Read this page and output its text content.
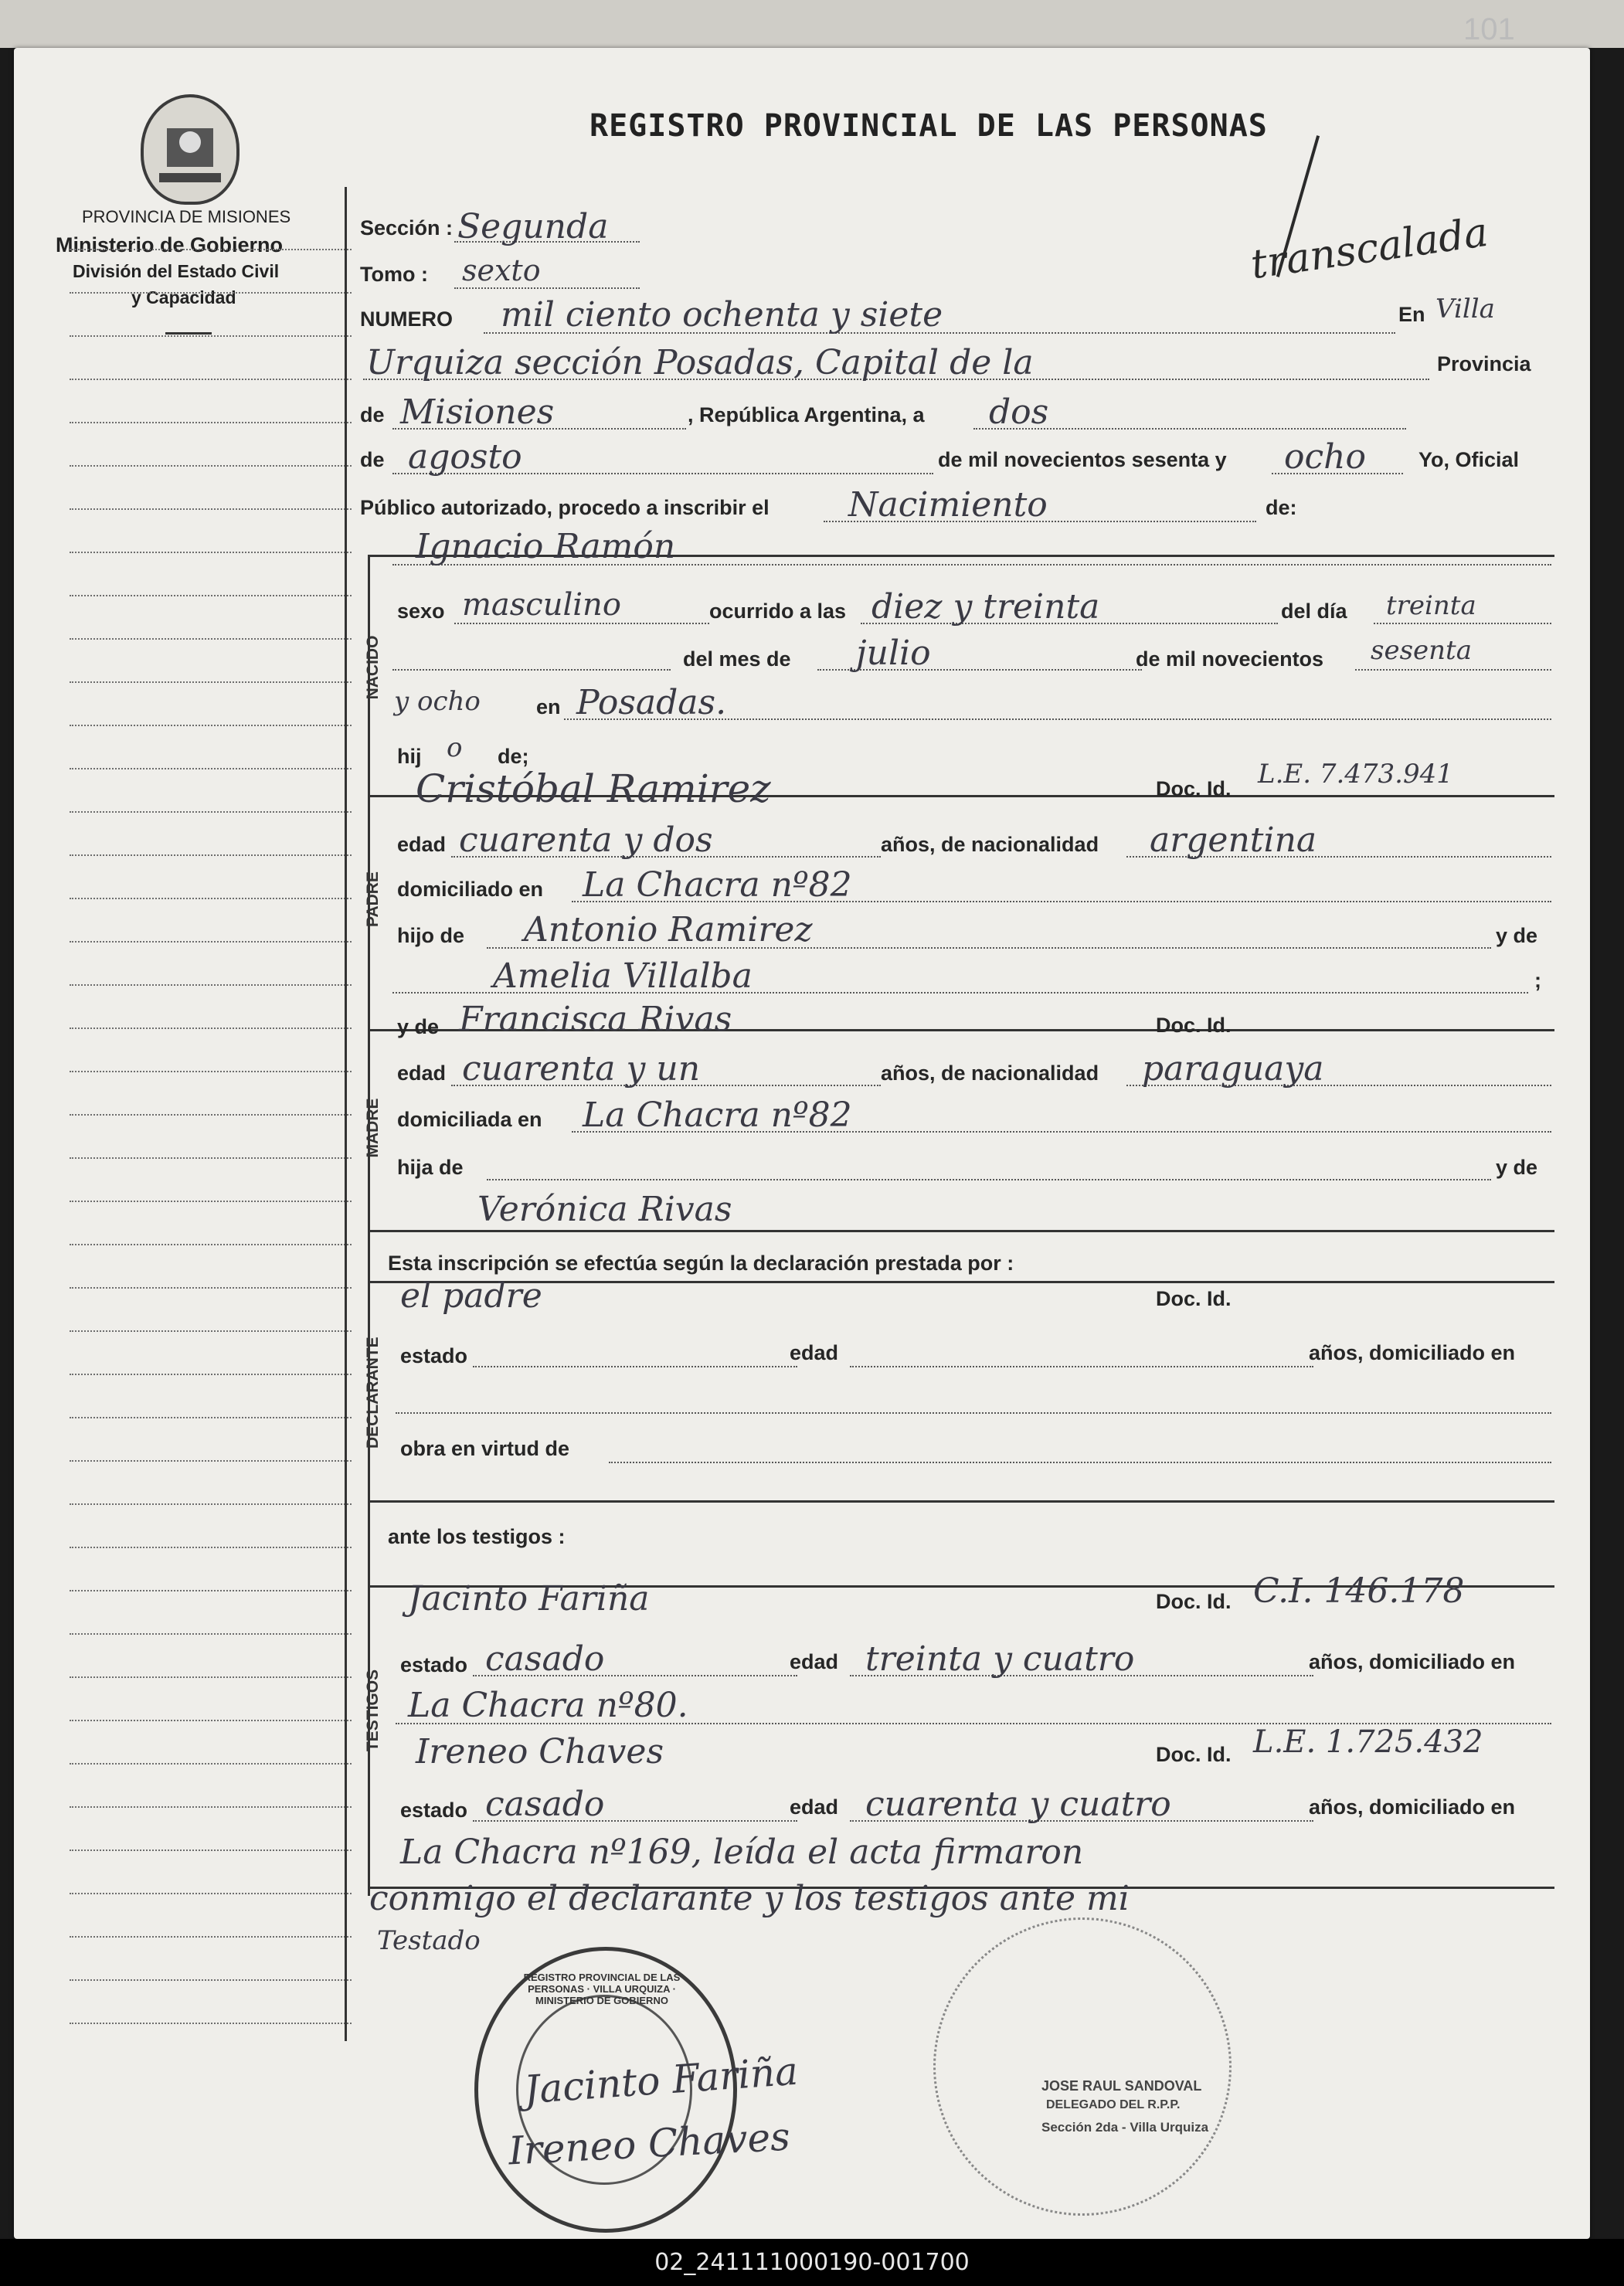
PROVINCIA DE MISIONES
Ministerio de Gobierno
División del Estado Civil
y Capacidad
REGISTRO PROVINCIAL DE LAS PERSONAS
101
transcalada
NACIDO
PADRE
MADRE
DECLARANTE
TESTIGOS
Sección : Segunda
Tomo : sexto
NUMERO mil ciento ochenta y siete	En Villa
Urquiza sección Posadas, Capital de la	Provincia
de Misiones	, República Argentina, a dos
de agosto	de mil novecientos sesenta y ocho	Yo, Oficial
Público autorizado, procedo a inscribir el Nacimiento	de:
Ignacio Ramón
sexo masculino	ocurrido a las diez y treinta	del día treinta
del mes de julio	de mil novecientos sesenta
y ocho	en Posadas.
hij o de;
Cristóbal Ramirez	Doc. Id. L.E. 7.473.941
edad cuarenta y dos	años, de nacionalidad argentina
domiciliado en La Chacra nº82
hijo de Antonio Ramirez	y de
Amelia Villalba	;
y de Francisca Rivas	Doc. Id.
edad cuarenta y un	años, de nacionalidad paraguaya
domiciliada en La Chacra nº82
hija de	y de
Verónica Rivas
Esta inscripción se efectúa según la declaración prestada por :
el padre	Doc. Id.
estado	edad	años, domiciliado en
obra en virtud de
ante los testigos :
Jacinto Fariña	Doc. Id. C.I. 146.178
estado casado	edad treinta y cuatro	años, domiciliado en
La Chacra nº80.
Ireneo Chaves	Doc. Id. L.E. 1.725.432
estado casado	edad cuarenta y cuatro	años, domiciliado en
La Chacra nº169, leída el acta firmaron
conmigo el declarante y los testigos ante mi
Testado
REGISTRO PROVINCIAL DE LAS PERSONAS · VILLA URQUIZA · MINISTERIO DE GOBIERNO
Jacinto Fariña
Ireneo Chaves
JOSE RAUL SANDOVAL
DELEGADO DEL R.P.P.
Sección 2da - Villa Urquiza
02_241111000190-001700
